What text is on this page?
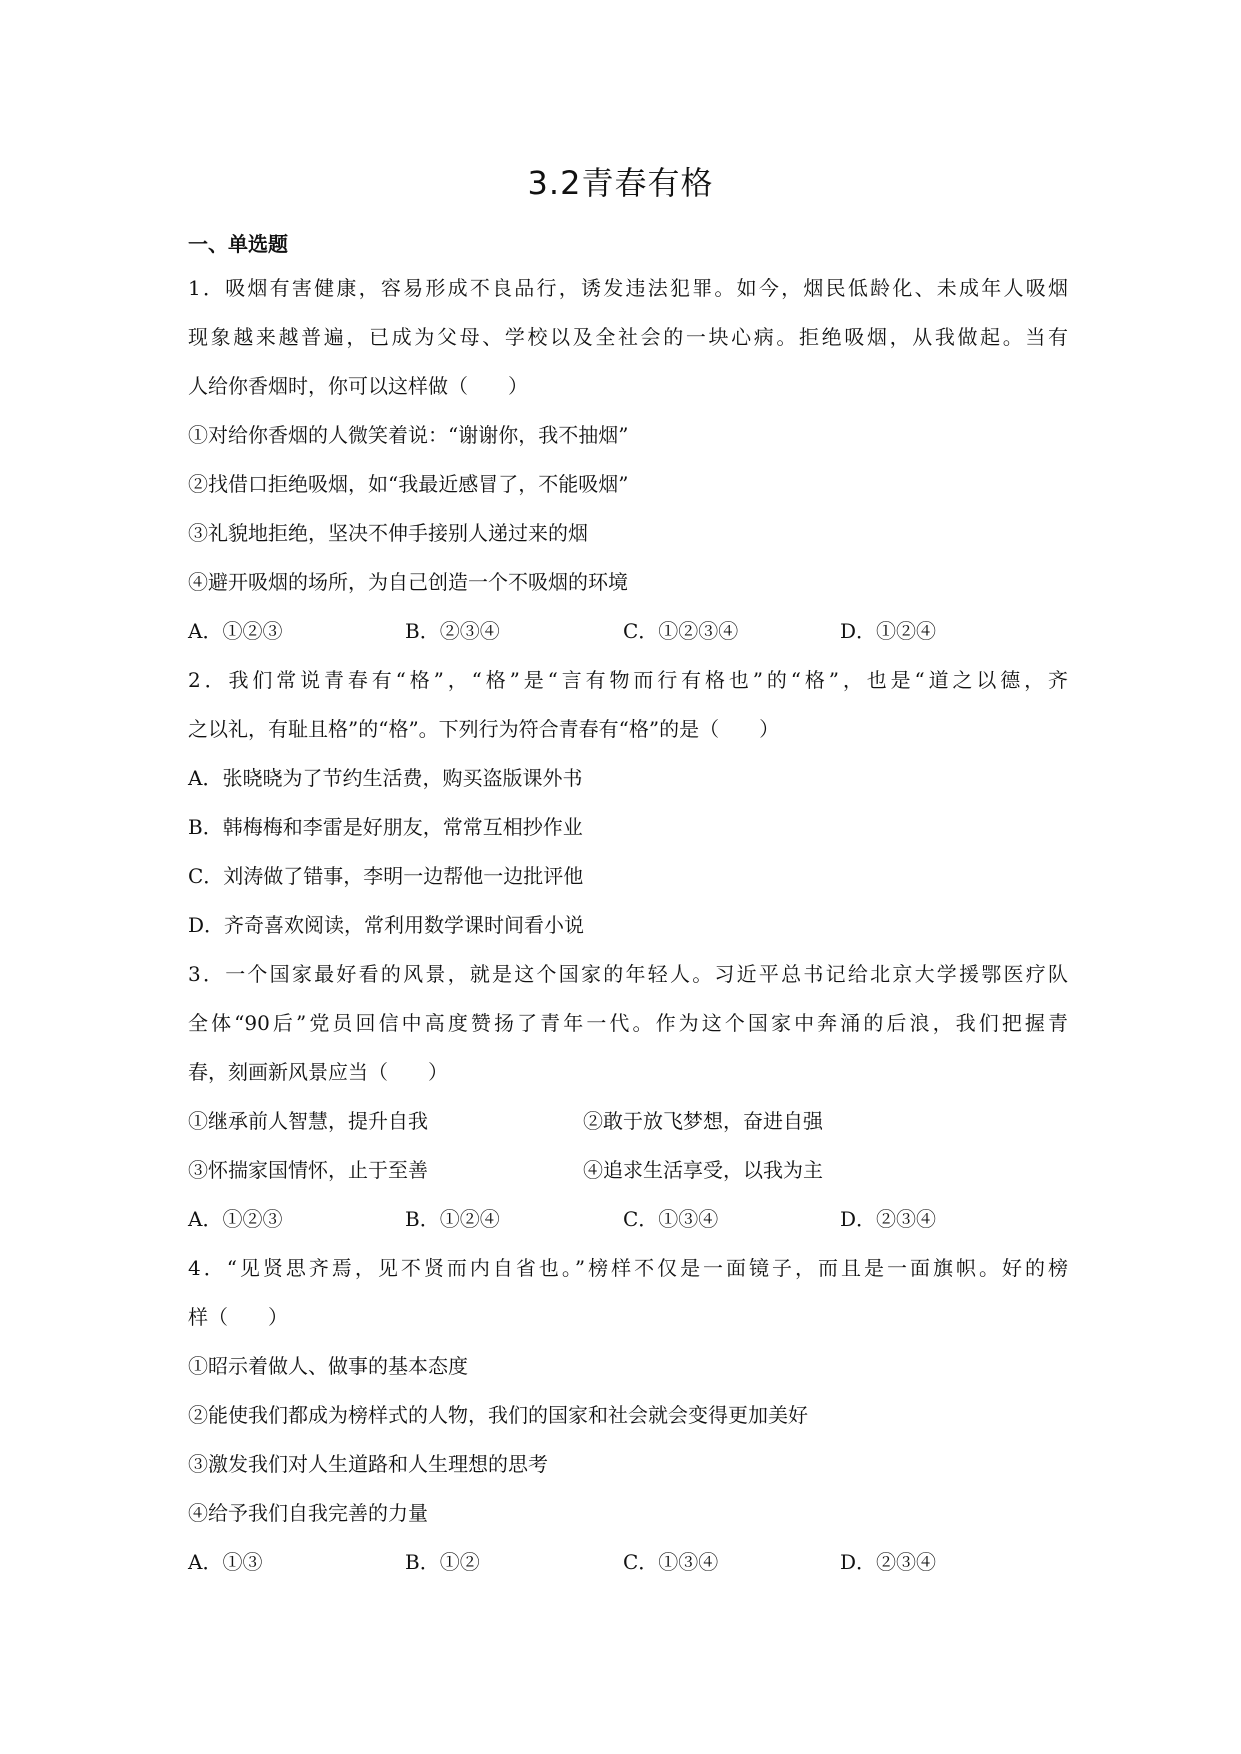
3.2青春有格
一、单选题
1．吸烟有害健康，容易形成不良品行，诱发违法犯罪。如今，烟民低龄化、未成年人吸烟
现象越来越普遍，已成为父母、学校以及全社会的一块心病。拒绝吸烟，从我做起。当有
人给你香烟时，你可以这样做（　　）
①对给你香烟的人微笑着说：“谢谢你，我不抽烟”
②找借口拒绝吸烟，如“我最近感冒了，不能吸烟”
③礼貌地拒绝，坚决不伸手接别人递过来的烟
④避开吸烟的场所，为自己创造一个不吸烟的环境
A．①②③	B．②③④	C．①②③④	D．①②④
2．我们常说青春有“格”，“格”是“言有物而行有格也”的“格”，也是“道之以德，齐
之以礼，有耻且格”的“格”。下列行为符合青春有“格”的是（　　）
A．张晓晓为了节约生活费，购买盗版课外书
B．韩梅梅和李雷是好朋友，常常互相抄作业
C．刘涛做了错事，李明一边帮他一边批评他
D．齐奇喜欢阅读，常利用数学课时间看小说
3．一个国家最好看的风景，就是这个国家的年轻人。习近平总书记给北京大学援鄂医疗队
全体“90后”党员回信中高度赞扬了青年一代。作为这个国家中奔涌的后浪，我们把握青
春，刻画新风景应当（　　）
①继承前人智慧，提升自我	②敢于放飞梦想，奋进自强
③怀揣家国情怀，止于至善	④追求生活享受，以我为主
A．①②③	B．①②④	C．①③④	D．②③④
4．“见贤思齐焉，见不贤而内自省也。”榜样不仅是一面镜子，而且是一面旗帜。好的榜
样（　　）
①昭示着做人、做事的基本态度
②能使我们都成为榜样式的人物，我们的国家和社会就会变得更加美好
③激发我们对人生道路和人生理想的思考
④给予我们自我完善的力量
A．①③	B．①②	C．①③④	D．②③④
